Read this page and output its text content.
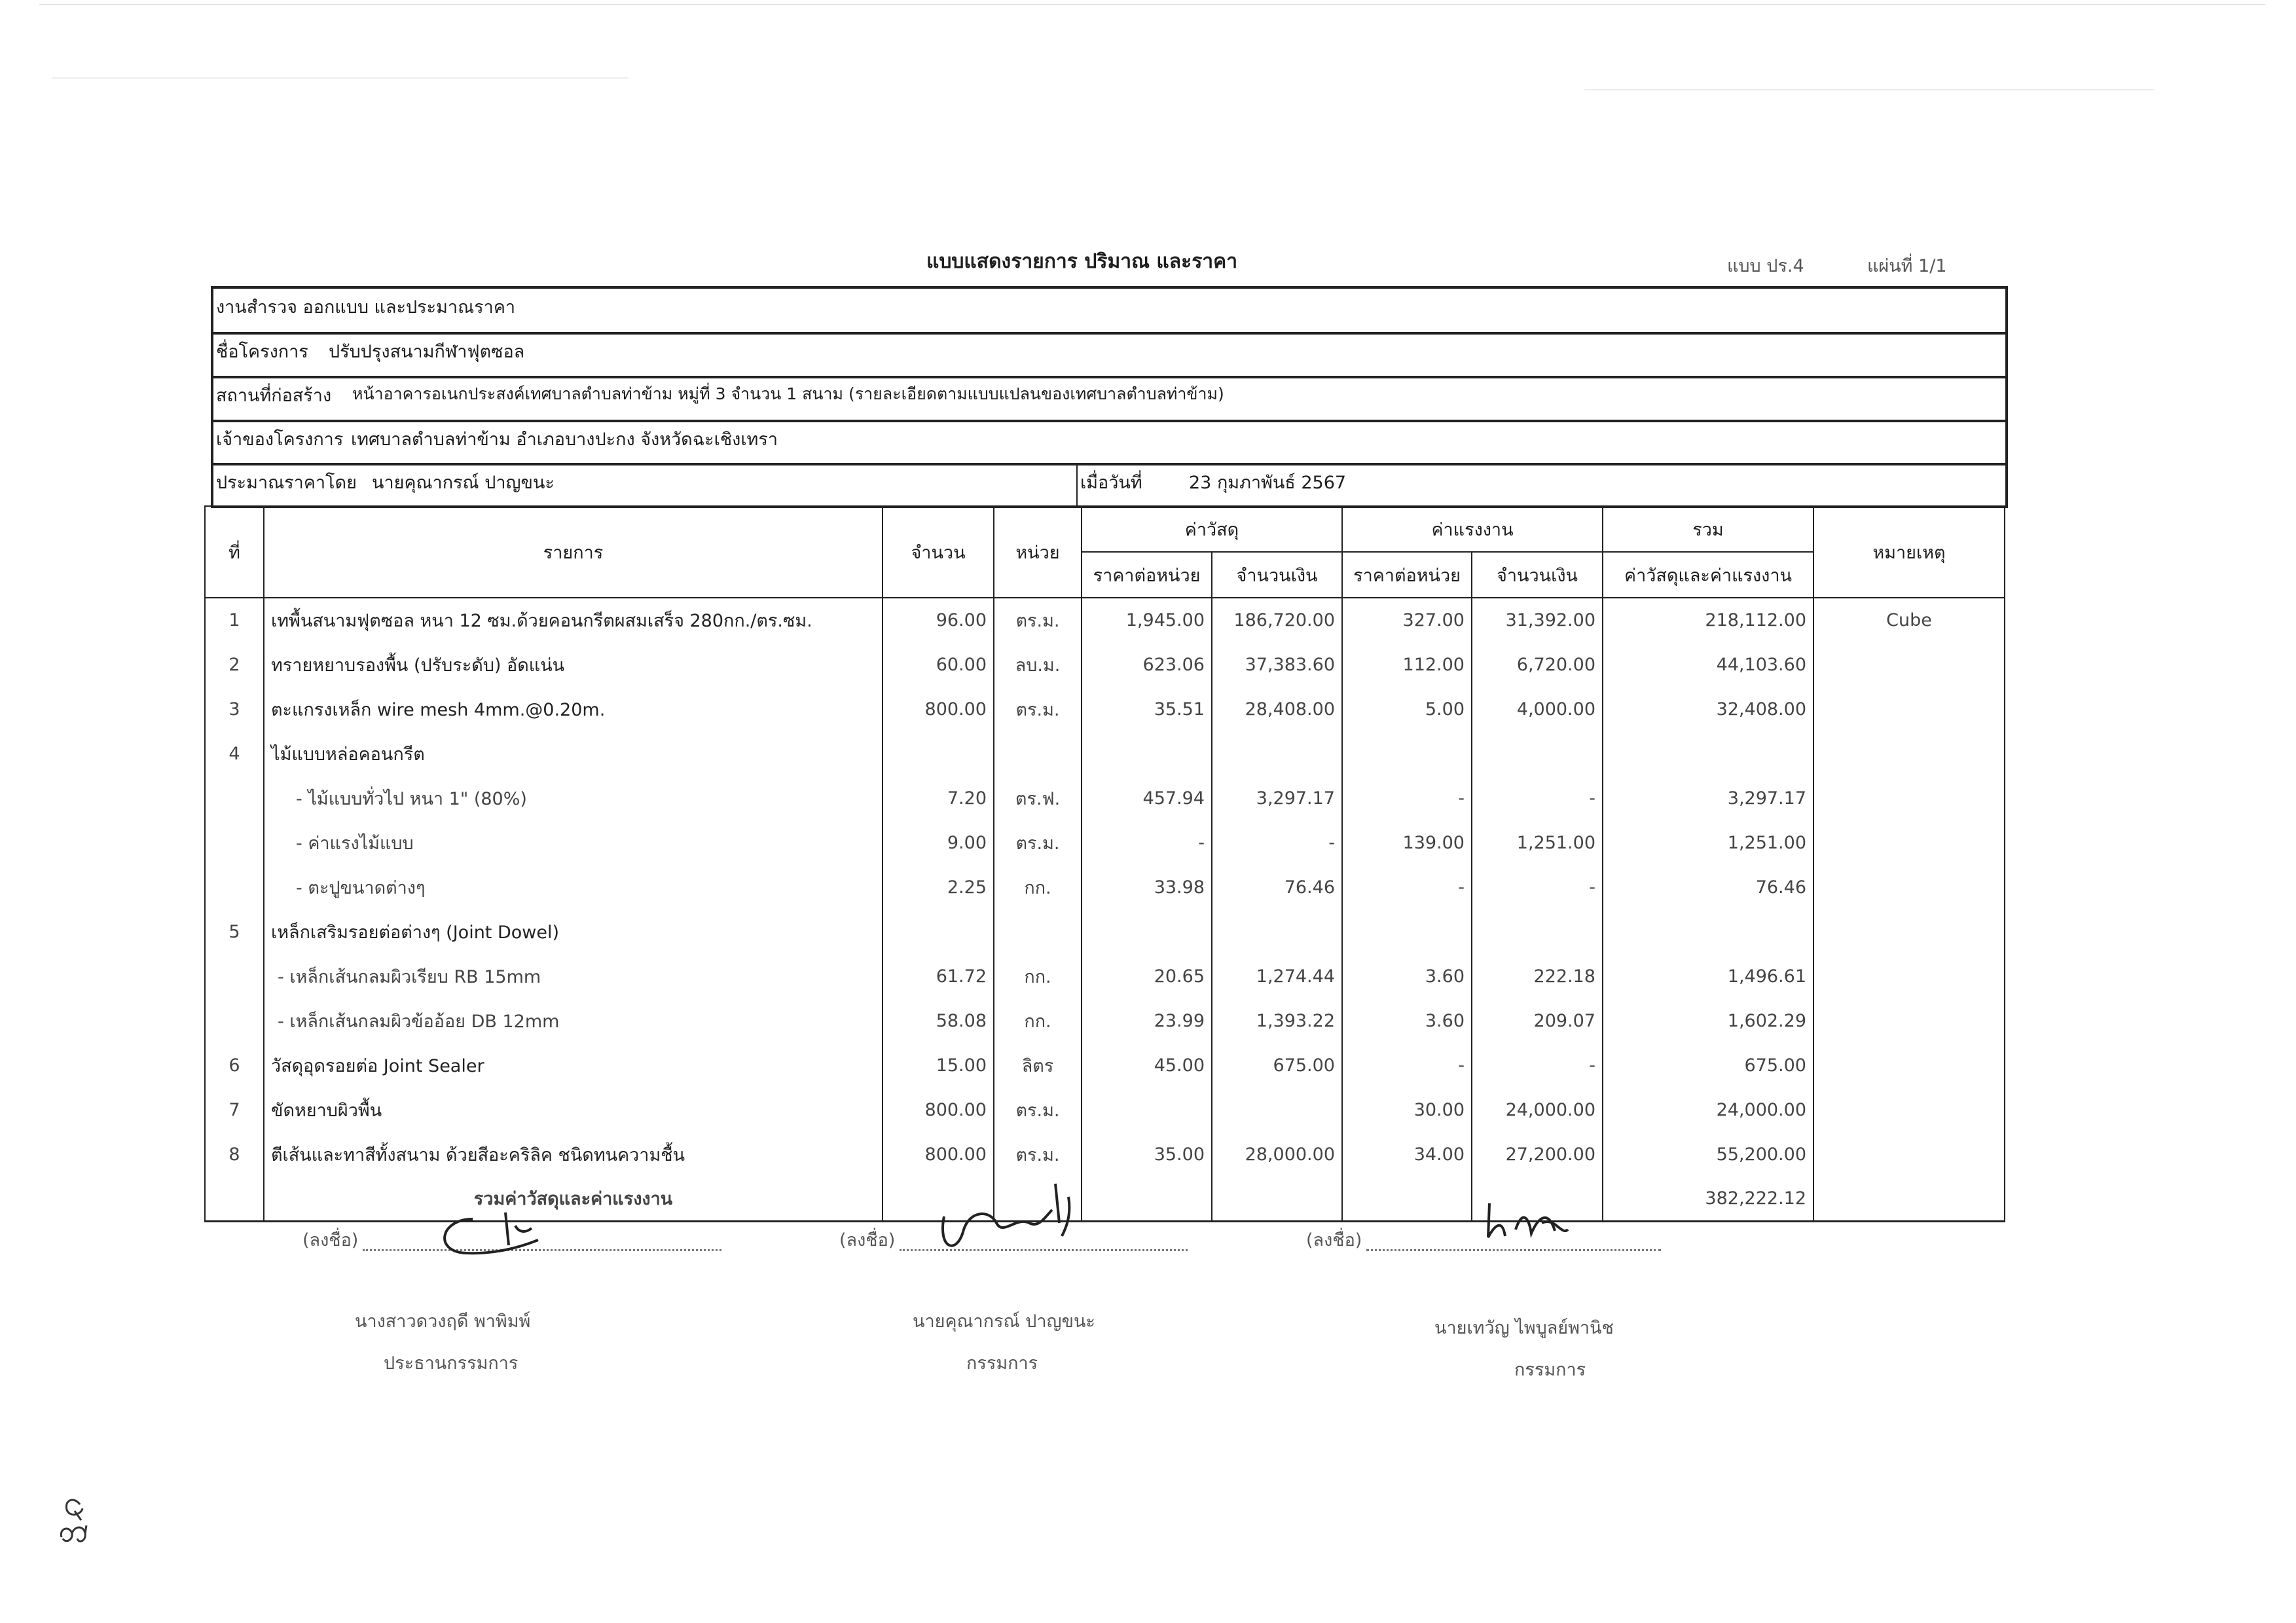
แบบแสดงรายการ ปริมาณ และราคา	แบบ ปร.4	แผ่นที่ 1/1
งานสำรวจ ออกแบบ และประมาณราคา
ชื่อโครงการ ปรับปรุงสนามกีฬาฟุตซอล
สถานที่ก่อสร้าง หน้าอาคารอเนกประสงค์เทศบาลตำบลท่าข้าม หมู่ที่ 3 จำนวน 1 สนาม (รายละเอียดตามแบบแปลนของเทศบาลตำบลท่าข้าม)
เจ้าของโครงการ เทศบาลตำบลท่าข้าม อำเภอบางปะกง จังหวัดฉะเชิงเทรา
ประมาณราคาโดย นายคุณากรณ์ ปาญขนะ	เมื่อวันที่	23 กุมภาพันธ์ 2567
ที่	รายการ	จำนวน	หน่วย	ค่าวัสดุ		ค่าแรงงาน		รวม	หมายเหตุ
				ราคาต่อหน่วย	จำนวนเงิน	ราคาต่อหน่วย	จำนวนเงิน	ค่าวัสดุและค่าแรงงาน	
1	เทพื้นสนามฟุตซอล หนา 12 ซม.ด้วยคอนกรีตผสมเสร็จ 280กก./ตร.ซม.	96.00	ตร.ม.	1,945.00	186,720.00	327.00	31,392.00	218,112.00	Cube
2	ทรายหยาบรองพื้น (ปรับระดับ) อัดแน่น	60.00	ลบ.ม.	623.06	37,383.60	112.00	6,720.00	44,103.60	
3	ตะแกรงเหล็ก wire mesh 4mm.@0.20m.	800.00	ตร.ม.	35.51	28,408.00	5.00	4,000.00	32,408.00	
4	ไม้แบบหล่อคอนกรีต								
	- ไม้แบบทั่วไป หนา 1" (80%)	7.20	ตร.ฟ.	457.94	3,297.17	-	-	3,297.17	
	- ค่าแรงไม้แบบ	9.00	ตร.ม.	-	-	139.00	1,251.00	1,251.00	
	- ตะปูขนาดต่างๆ	2.25	กก.	33.98	76.46	-	-	76.46	
5	เหล็กเสริมรอยต่อต่างๆ (Joint Dowel)								
	- เหล็กเส้นกลมผิวเรียบ RB 15mm	61.72	กก.	20.65	1,274.44	3.60	222.18	1,496.61	
	- เหล็กเส้นกลมผิวข้ออ้อย DB 12mm	58.08	กก.	23.99	1,393.22	3.60	209.07	1,602.29	
6	วัสดุอุดรอยต่อ Joint Sealer	15.00	ลิตร	45.00	675.00	-	-	675.00	
7	ขัดหยาบผิวพื้น	800.00	ตร.ม.			30.00	24,000.00	24,000.00	
8	ตีเส้นและทาสีทั้งสนาม ด้วยสีอะคริลิค ชนิดทนความชื้น	800.00	ตร.ม.	35.00	28,000.00	34.00	27,200.00	55,200.00	
	รวมค่าวัสดุและค่าแรงงาน							382,222.12	
(ลงชื่อ)
นางสาวดวงฤดี พาพิมพ์
ประธานกรรมการ
(ลงชื่อ)
นายคุณากรณ์ ปาญขนะ
กรรมการ
(ลงชื่อ)
นายเทวัญ ไพบูลย์พานิช
กรรมการ
